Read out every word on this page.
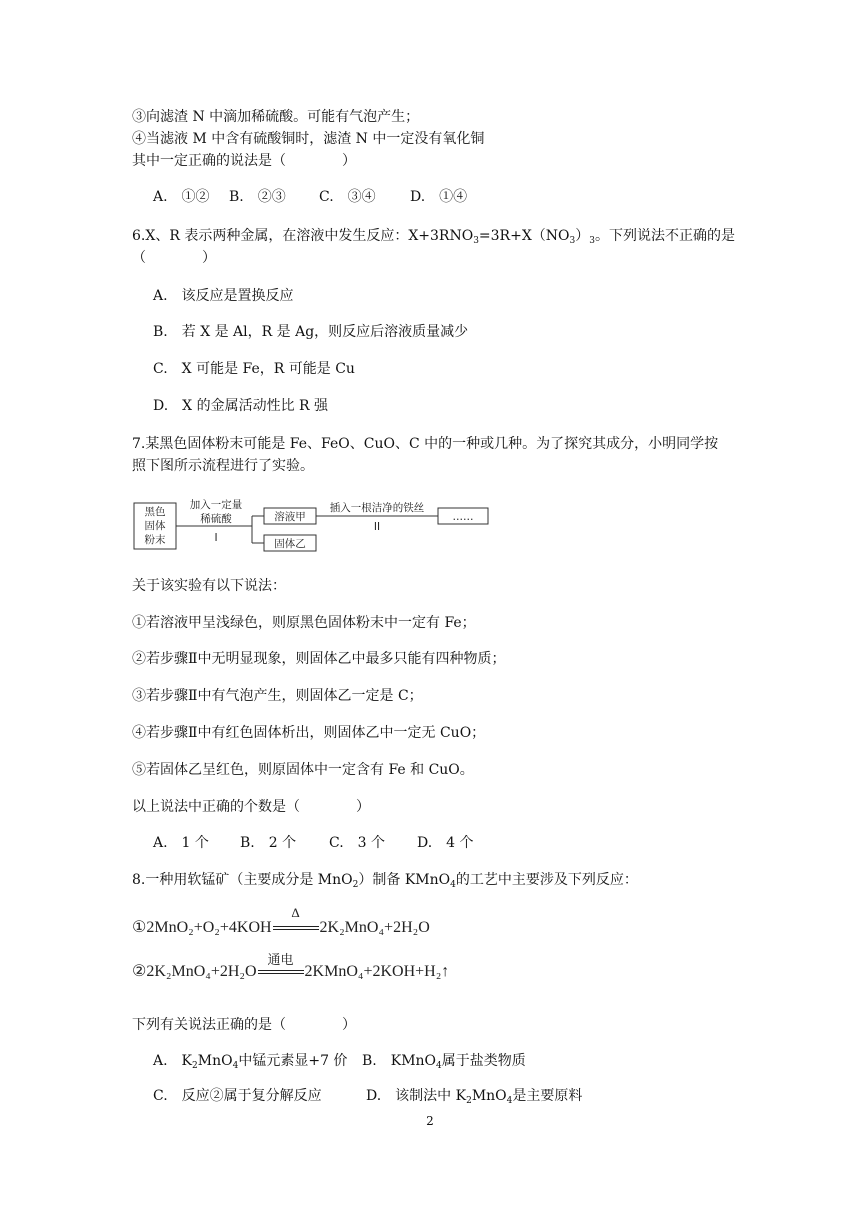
③向滤渣 N 中滴加稀硫酸。可能有气泡产生；
④当滤液 M 中含有硫酸铜时，滤渣 N 中一定没有氧化铜
其中一定正确的说法是（　　　　）
A.　①② B.　②③ C.　③④ D.　①④
6.X、R 表示两种金属，在溶液中发生反应：$X+3RNO_3=3R+X(NO_3)_3$。下列说法不正确的是
（　　　　）
A.　该反应是置换反应
B.　若 X 是 Al，R 是 Ag，则反应后溶液质量减少
C.　X 可能是 Fe，R 可能是 Cu
D.　X 的金属活动性比 R 强
7.某黑色固体粉末可能是 Fe、FeO、CuO、C 中的一种或几种。为了探究其成分，小明同学按
照下图所示流程进行了实验。
黑色
固体
粉末
加入一定量
稀硫酸
I
溶液甲
固体乙
插入一根洁净的铁丝
II
……
关于该实验有以下说法：
①若溶液甲呈浅绿色，则原黑色固体粉末中一定有 Fe；
②若步骤Ⅱ中无明显现象，则固体乙中最多只能有四种物质；
③若步骤Ⅱ中有气泡产生，则固体乙一定是 C；
④若步骤Ⅱ中有红色固体析出，则固体乙中一定无 CuO；
⑤若固体乙呈红色，则原固体中一定含有 Fe 和 CuO。
以上说法中正确的个数是（　　　　）
A.　1 个 B.　2 个 C.　3 个 D.　4 个
8.一种用软锰矿（主要成分是 MnO$_2$）制备 KMnO$_4$的工艺中主要涉及下列反应：
①2MnO₂+O₂+4KOH
Δ
2K₂MnO₄+2H₂O
②2K₂MnO₄+2H₂O
通电
2KMnO₄+2KOH+H₂↑
下列有关说法正确的是（　　　　）
A.　$K_2MnO_4$中锰元素显+7 价 B.　KMnO$_4$属于盐类物质
C.　反应②属于复分解反应	D.　该制法中 $K_2MnO_4$是主要原料
2
